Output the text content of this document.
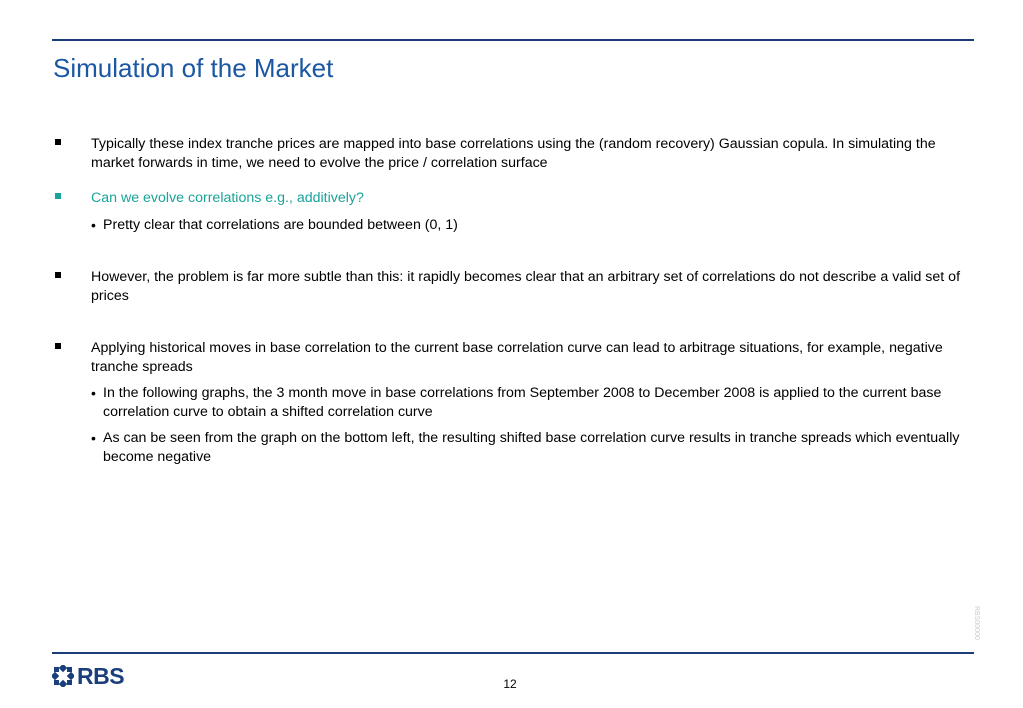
Simulation of the Market
Typically these index tranche prices are mapped into base correlations using the (random recovery) Gaussian copula. In simulating the market forwards in time, we need to evolve the price / correlation surface
Can we evolve correlations e.g., additively?
• Pretty clear that correlations are bounded between (0, 1)
However, the problem is far more subtle than this: it rapidly becomes clear that an arbitrary set of correlations do not describe a valid set of prices
Applying historical moves in base correlation to the current base correlation curve can lead to arbitrage situations, for example, negative tranche spreads
• In the following graphs, the 3 month move in base correlations from September 2008 to December 2008 is applied to the current base correlation curve to obtain a shifted correlation curve
• As can be seen from the graph on the bottom left, the resulting shifted base correlation curve results in tranche spreads which eventually become negative
RBS00000
RBS	12
